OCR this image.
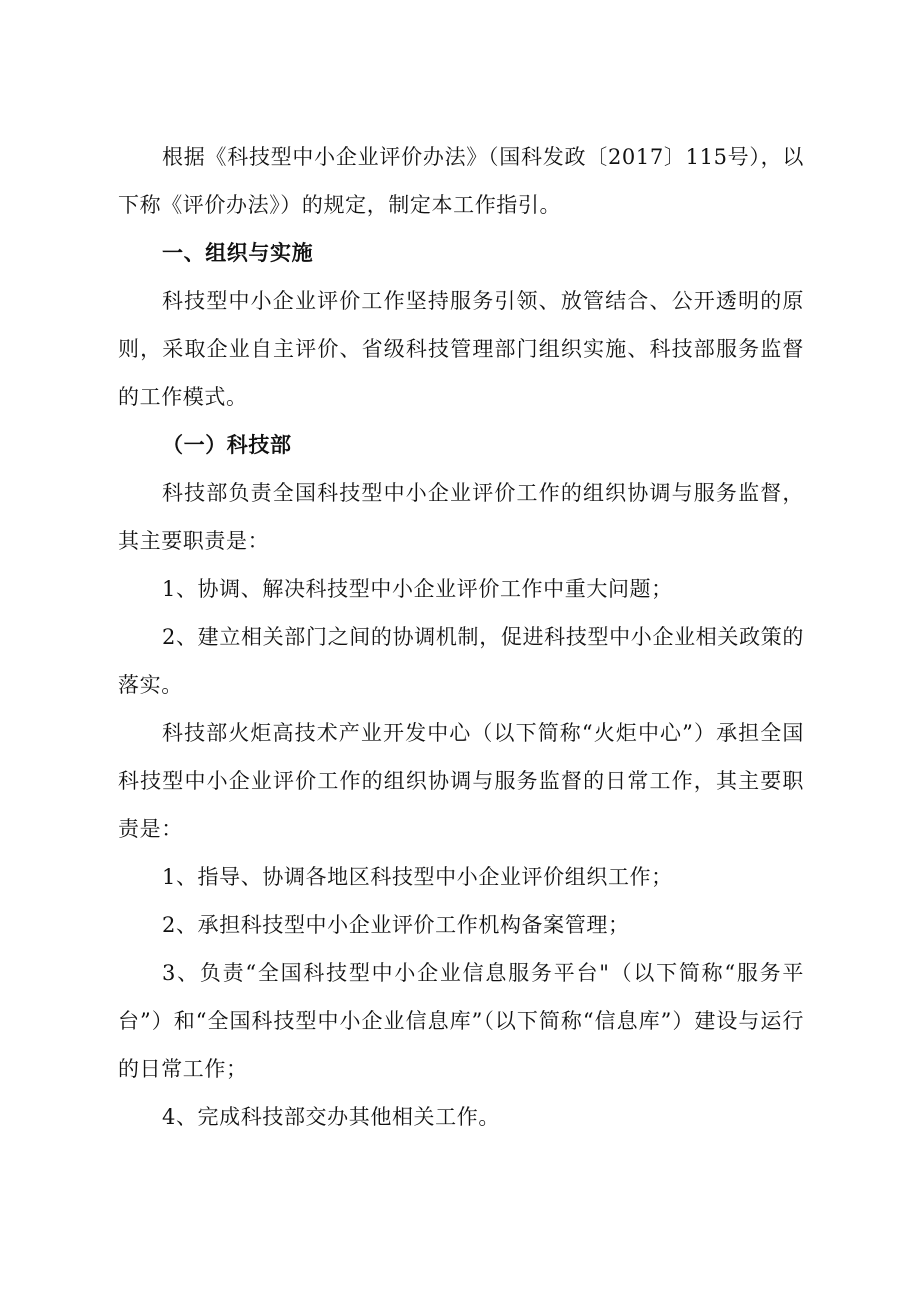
根据《科技型中小企业评价办法》（国科发政〔2017〕115号），以下称《评价办法》）的规定，制定本工作指引。

一、组织与实施

科技型中小企业评价工作坚持服务引领、放管结合、公开透明的原则，采取企业自主评价、省级科技管理部门组织实施、科技部服务监督的工作模式。

（一）科技部

科技部负责全国科技型中小企业评价工作的组织协调与服务监督，其主要职责是：

1、协调、解决科技型中小企业评价工作中重大问题；

2、建立相关部门之间的协调机制，促进科技型中小企业相关政策的落实。

科技部火炬高技术产业开发中心（以下简称“火炬中心”）承担全国科技型中小企业评价工作的组织协调与服务监督的日常工作，其主要职责是：

1、指导、协调各地区科技型中小企业评价组织工作；

2、承担科技型中小企业评价工作机构备案管理；

3、负责“全国科技型中小企业信息服务平台"（以下简称“服务平台”）和“全国科技型中小企业信息库”（以下简称“信息库”）建设与运行的日常工作；

4、完成科技部交办其他相关工作。
